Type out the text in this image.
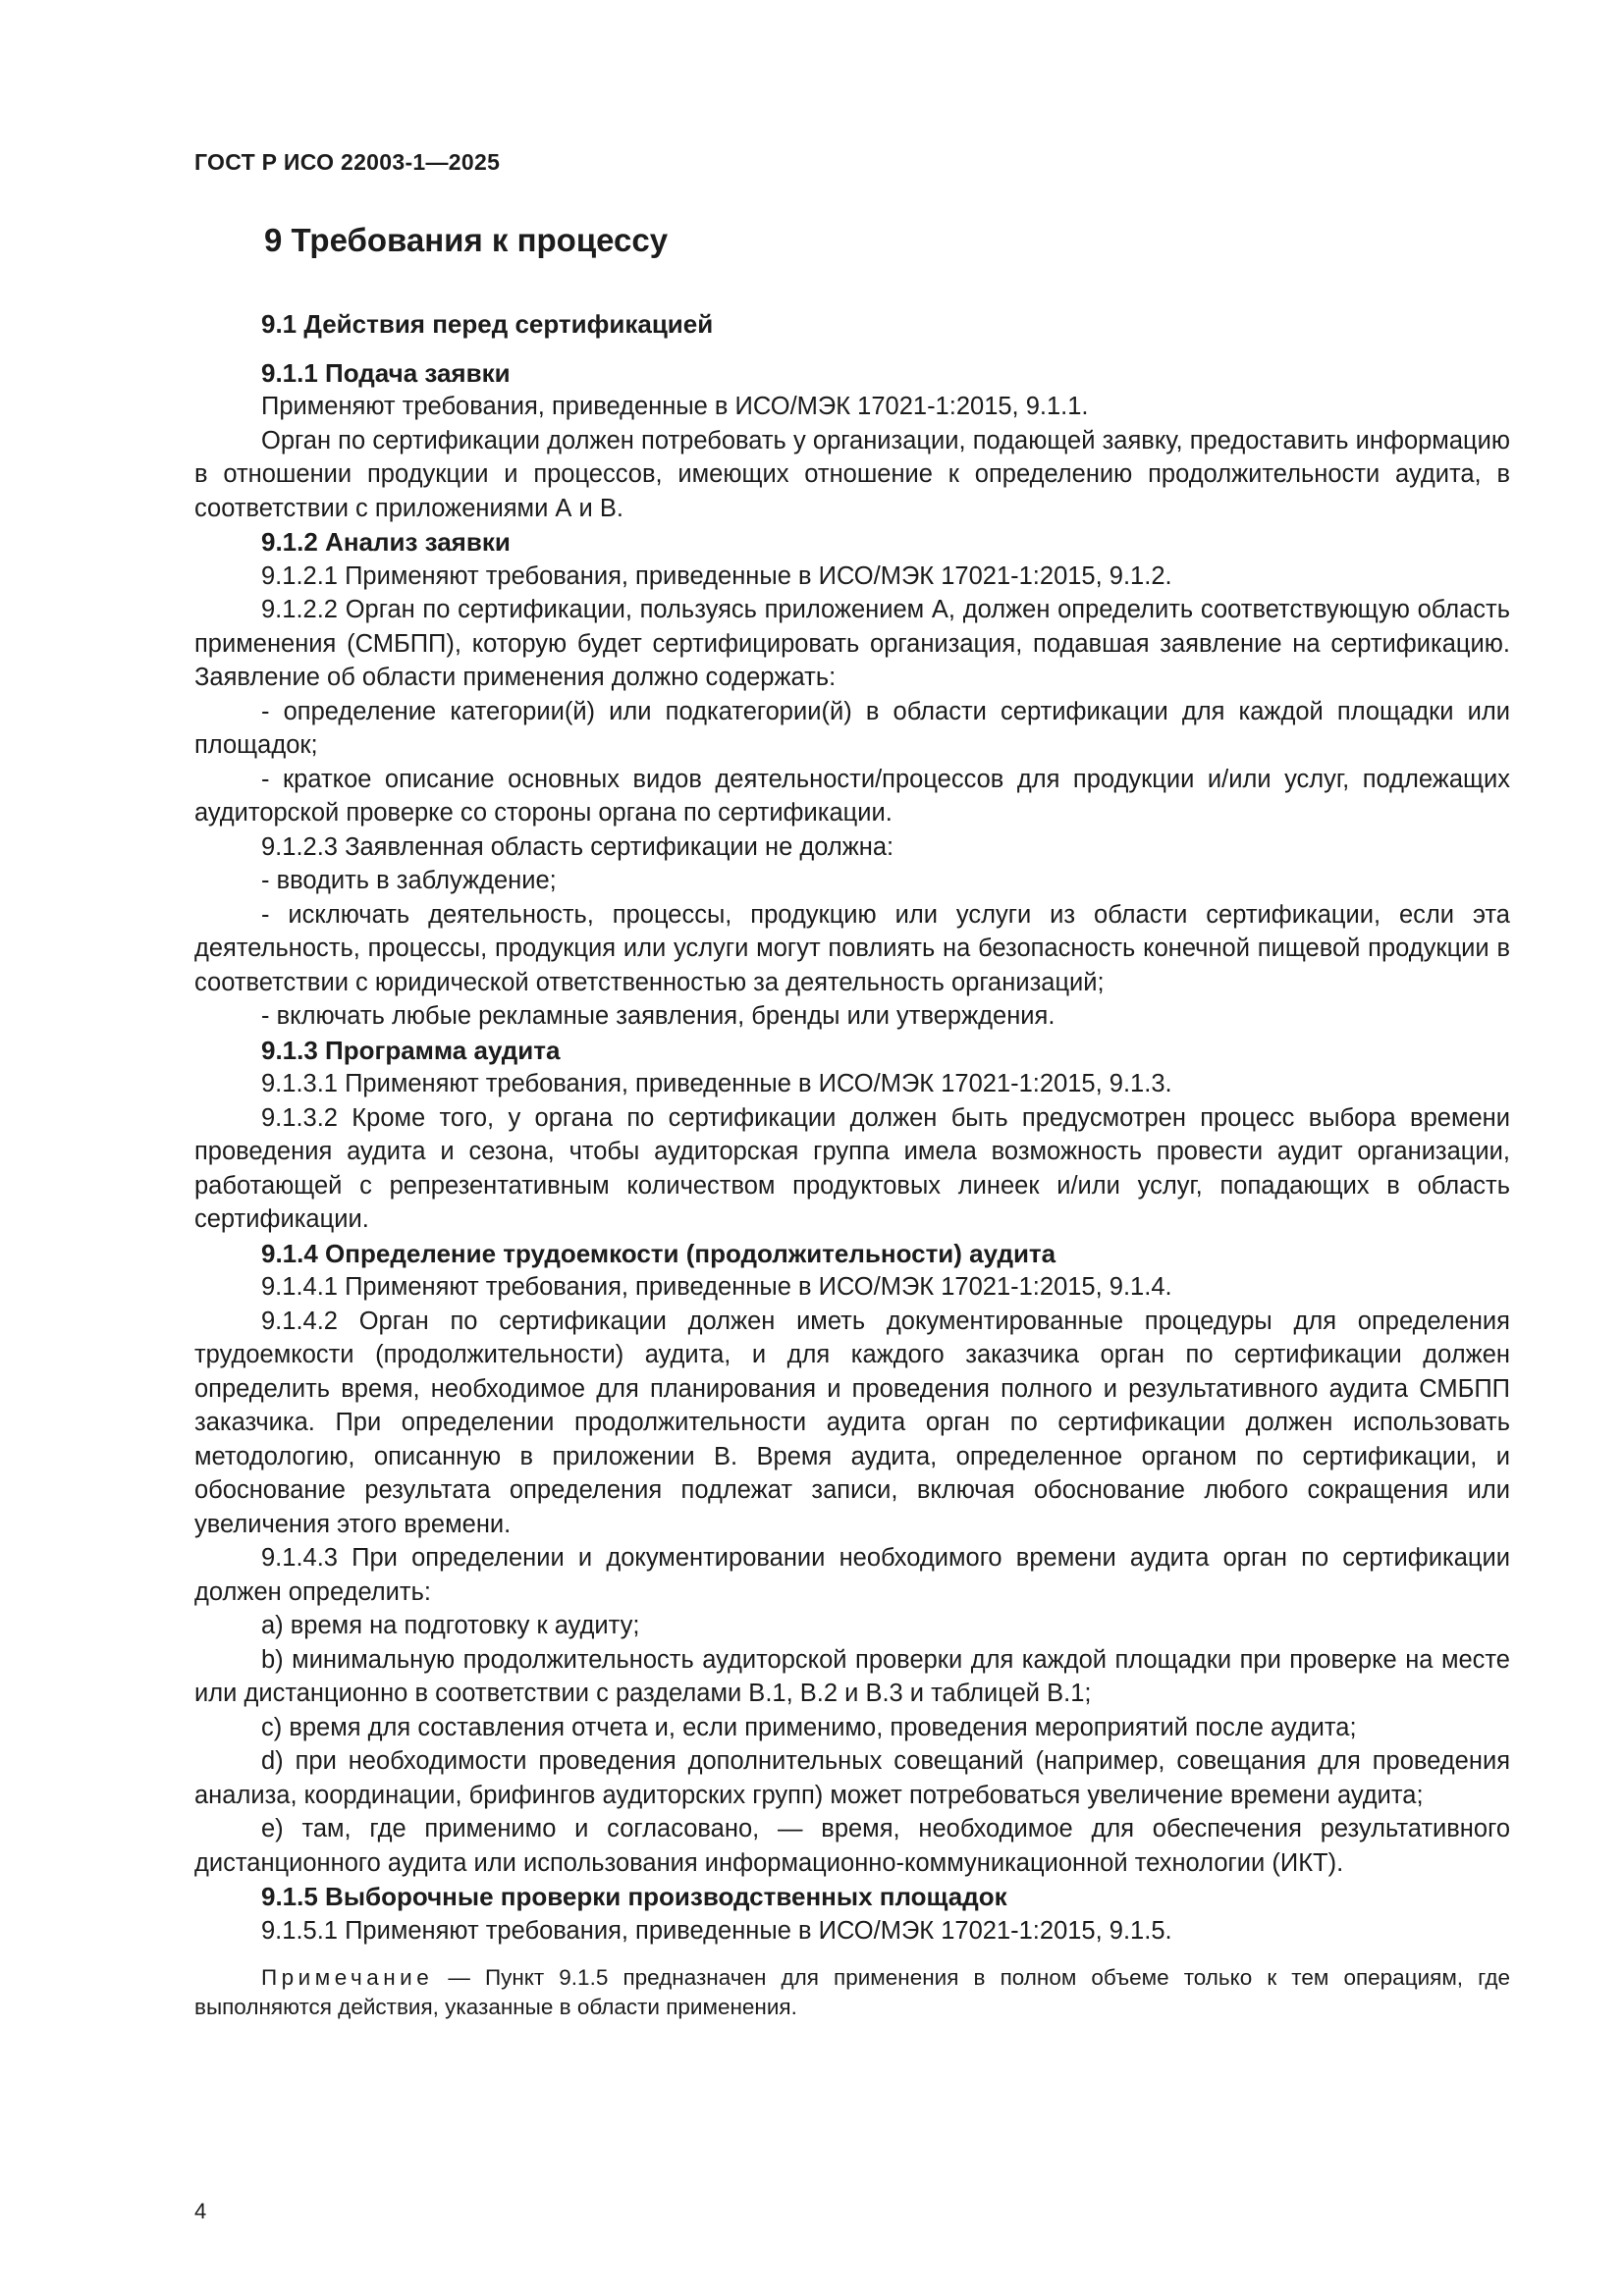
ГОСТ Р ИСО 22003-1—2025
9 Требования к процессу

9.1 Действия перед сертификацией

9.1.1 Подача заявки

Применяют требования, приведенные в ИСО/МЭК 17021-1:2015, 9.1.1.

Орган по сертификации должен потребовать у организации, подающей заявку, предоставить информацию в отношении продукции и процессов, имеющих отношение к определению продолжительности аудита, в соответствии с приложениями А и В.

9.1.2 Анализ заявки

9.1.2.1 Применяют требования, приведенные в ИСО/МЭК 17021-1:2015, 9.1.2.

9.1.2.2 Орган по сертификации, пользуясь приложением А, должен определить соответствующую область применения (СМБПП), которую будет сертифицировать организация, подавшая заявление на сертификацию. Заявление об области применения должно содержать:

- определение категории(й) или подкатегории(й) в области сертификации для каждой площадки или площадок;

- краткое описание основных видов деятельности/процессов для продукции и/или услуг, подлежащих аудиторской проверке со стороны органа по сертификации.

9.1.2.3 Заявленная область сертификации не должна:

- вводить в заблуждение;

- исключать деятельность, процессы, продукцию или услуги из области сертификации, если эта деятельность, процессы, продукция или услуги могут повлиять на безопасность конечной пищевой продукции в соответствии с юридической ответственностью за деятельность организаций;

- включать любые рекламные заявления, бренды или утверждения.

9.1.3 Программа аудита

9.1.3.1 Применяют требования, приведенные в ИСО/МЭК 17021-1:2015, 9.1.3.

9.1.3.2 Кроме того, у органа по сертификации должен быть предусмотрен процесс выбора времени проведения аудита и сезона, чтобы аудиторская группа имела возможность провести аудит организации, работающей с репрезентативным количеством продуктовых линеек и/или услуг, попадающих в область сертификации.

9.1.4 Определение трудоемкости (продолжительности) аудита

9.1.4.1 Применяют требования, приведенные в ИСО/МЭК 17021-1:2015, 9.1.4.

9.1.4.2 Орган по сертификации должен иметь документированные процедуры для определения трудоемкости (продолжительности) аудита, и для каждого заказчика орган по сертификации должен определить время, необходимое для планирования и проведения полного и результативного аудита СМБПП заказчика. При определении продолжительности аудита орган по сертификации должен использовать методологию, описанную в приложении В. Время аудита, определенное органом по сертификации, и обоснование результата определения подлежат записи, включая обоснование любого сокращения или увеличения этого времени.

9.1.4.3 При определении и документировании необходимого времени аудита орган по сертификации должен определить:

a) время на подготовку к аудиту;

b) минимальную продолжительность аудиторской проверки для каждой площадки при проверке на месте или дистанционно в соответствии с разделами В.1, В.2 и В.3 и таблицей В.1;

c) время для составления отчета и, если применимо, проведения мероприятий после аудита;

d) при необходимости проведения дополнительных совещаний (например, совещания для проведения анализа, координации, брифингов аудиторских групп) может потребоваться увеличение времени аудита;

e) там, где применимо и согласовано, — время, необходимое для обеспечения результативного дистанционного аудита или использования информационно-коммуникационной технологии (ИКТ).

9.1.5 Выборочные проверки производственных площадок

9.1.5.1 Применяют требования, приведенные в ИСО/МЭК 17021-1:2015, 9.1.5.

Примечание — Пункт 9.1.5 предназначен для применения в полном объеме только к тем операциям, где выполняются действия, указанные в области применения.

4
